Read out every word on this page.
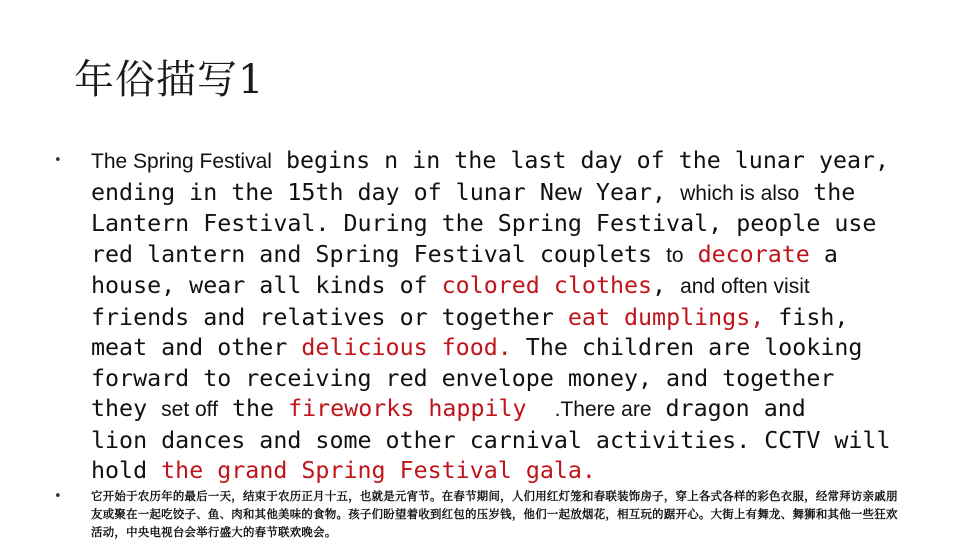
年俗描写1
• The Spring Festival begins n in the last day of the lunar year,
ending in the 15th day of lunar New Year, which is also the
Lantern Festival. During the Spring Festival, people use
red lantern and Spring Festival couplets to decorate a
house, wear all kinds of colored clothes, and often visit
friends and relatives or together eat dumplings, fish,
meat and other delicious food. The children are looking
forward to receiving red envelope money, and together
they set off the fireworks happily .There are dragon and
lion dances and some other carnival activities. CCTV will
hold the grand Spring Festival gala.
•	它开始于农历年的最后一天，结束于农历正月十五，也就是元宵节。在春节期间，人们用红灯笼和春联装饰房子，穿上各式各样的彩色衣服，经常拜访亲戚朋友或聚在一起吃饺子、鱼、肉和其他美味的食物。孩子们盼望着收到红包的压岁钱，他们一起放烟花，相互玩的踞开心。大街上有舞龙、舞狮和其他一些狂欢活动，中央电视台会举行盛大的春节联欢晚会。
